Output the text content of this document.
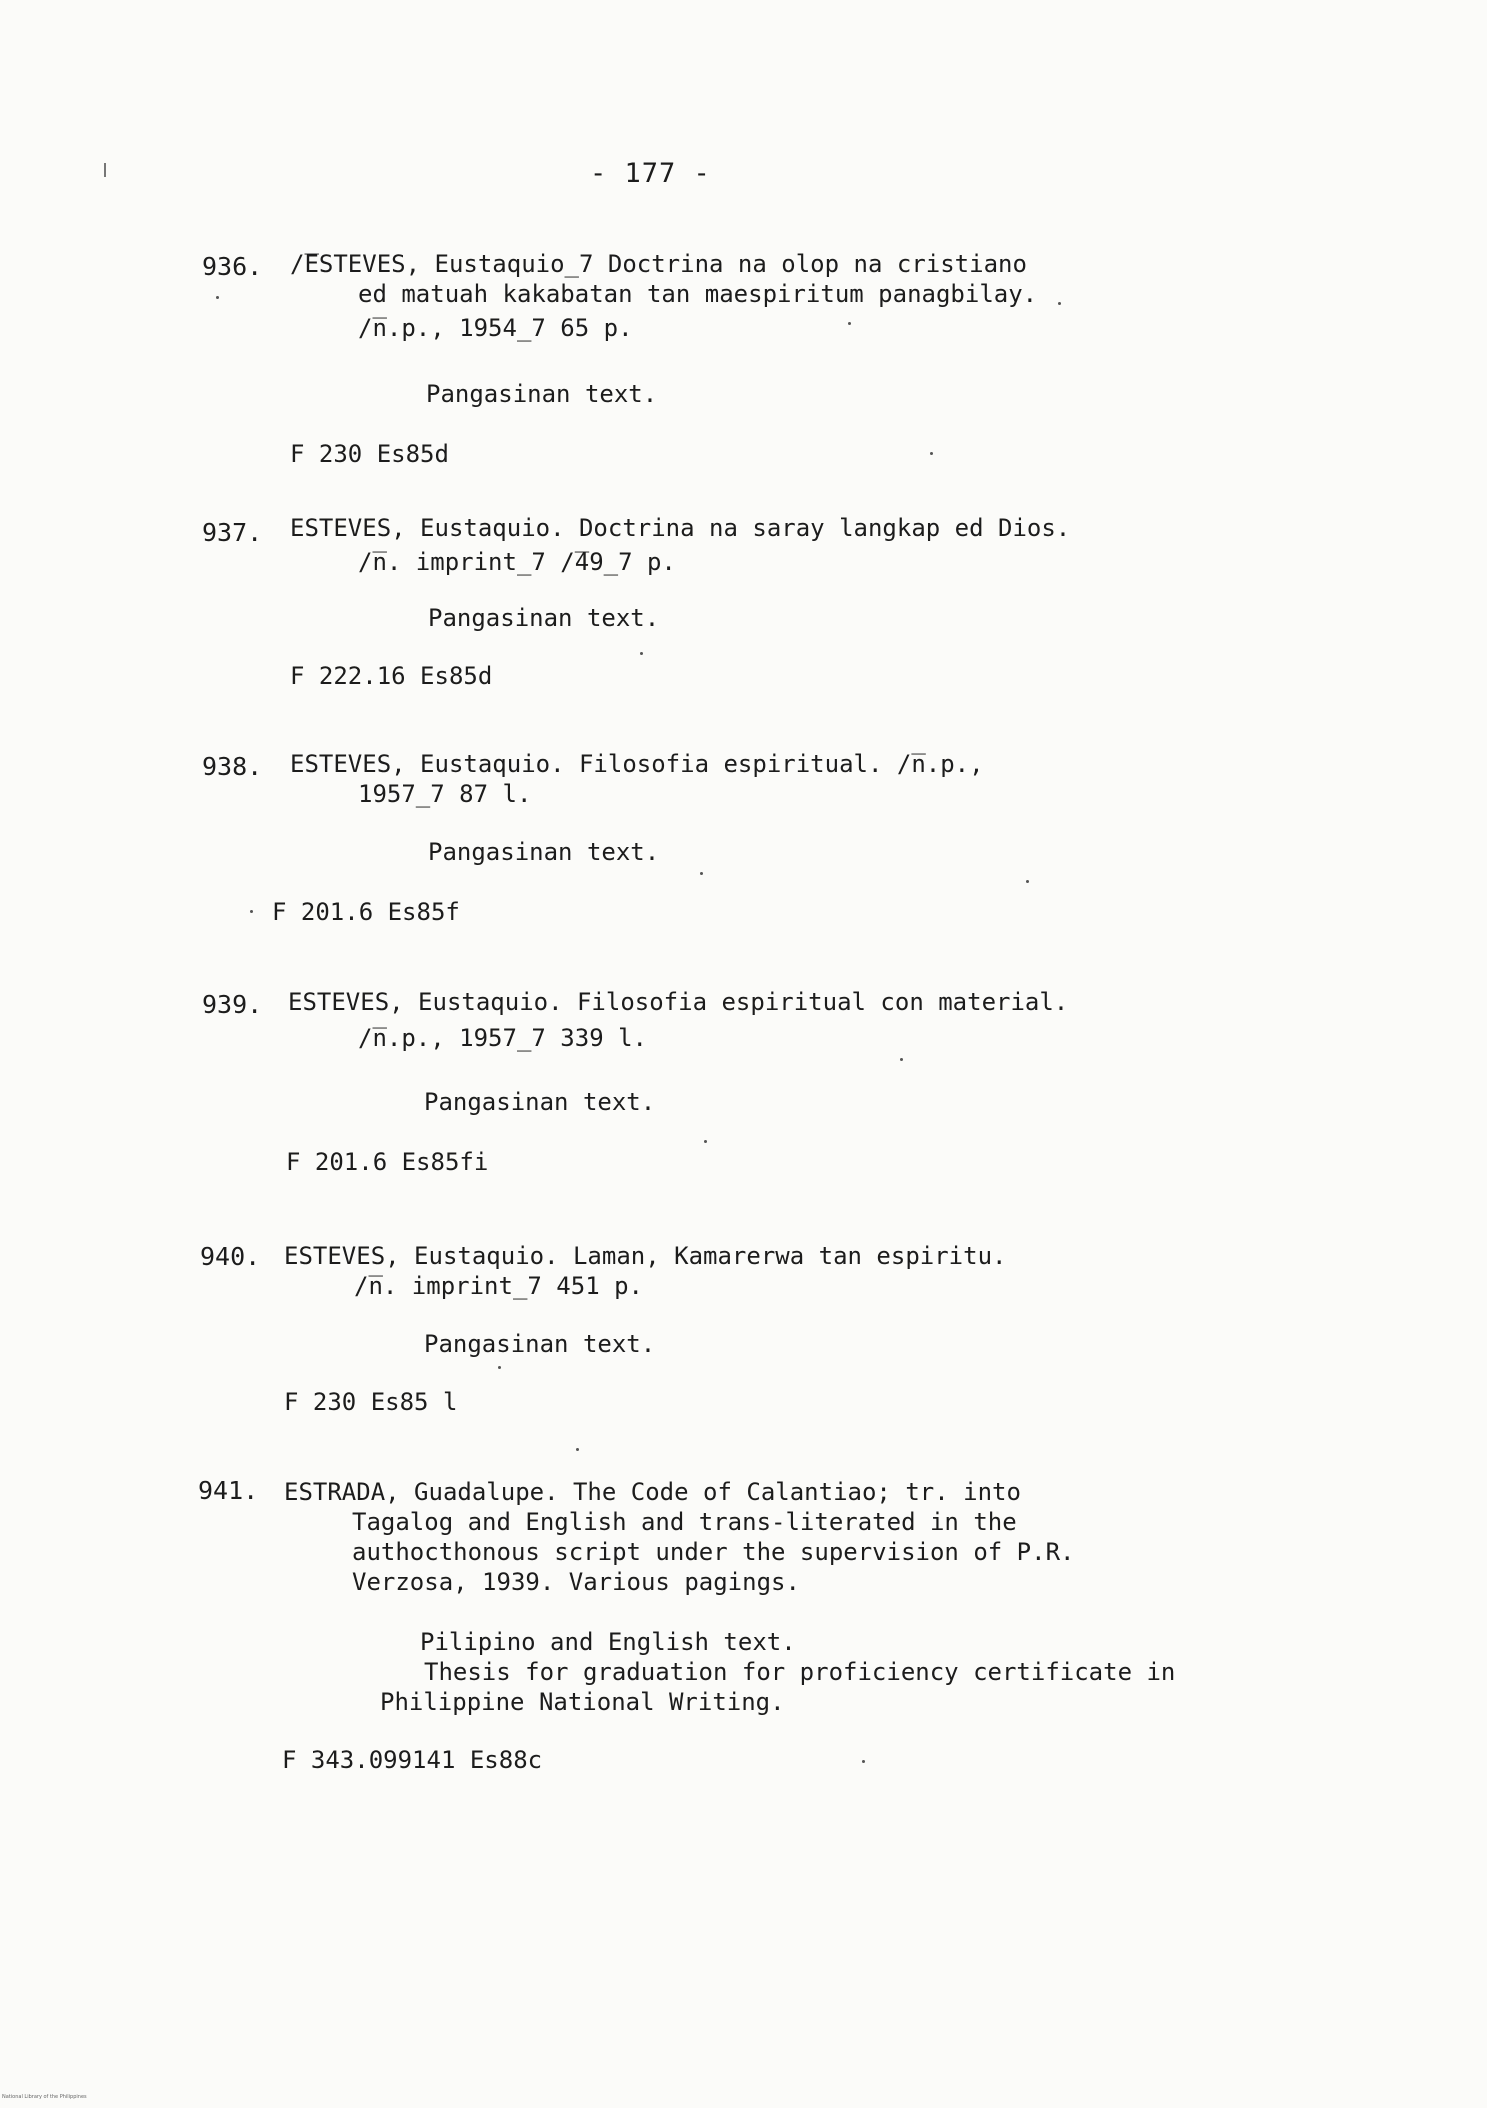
- 177 -
936. /̅ESTEVES, Eustaquio_7 Doctrina na olop na cristiano
ed matuah kakabatan tan maespiritum panagbilay.
/̅n.p., 1954_7 65 p.
Pangasinan text.
F 230 Es85d
937. ESTEVES, Eustaquio. Doctrina na saray langkap ed Dios.
/̅n. imprint_7 /̅49_7 p.
Pangasinan text.
F 222.16 Es85d
938. ESTEVES, Eustaquio. Filosofia espiritual. /̅n.p.,
1957_7 87 l.
Pangasinan text.
F 201.6 Es85f
939. ESTEVES, Eustaquio. Filosofia espiritual con material.
/̅n.p., 1957_7 339 l.
Pangasinan text.
F 201.6 Es85fi
940. ESTEVES, Eustaquio. Laman, Kamarerwa tan espiritu.
/̅n. imprint_7 451 p.
Pangasinan text.
F 230 Es85 l
941. ESTRADA, Guadalupe. The Code of Calantiao; tr. into
Tagalog and English and trans-literated in the
authocthonous script under the supervision of P.R.
Verzosa, 1939. Various pagings.
Pilipino and English text.
Thesis for graduation for proficiency certificate in
Philippine National Writing.
F 343.099141 Es88c
National Library of the Philippines
